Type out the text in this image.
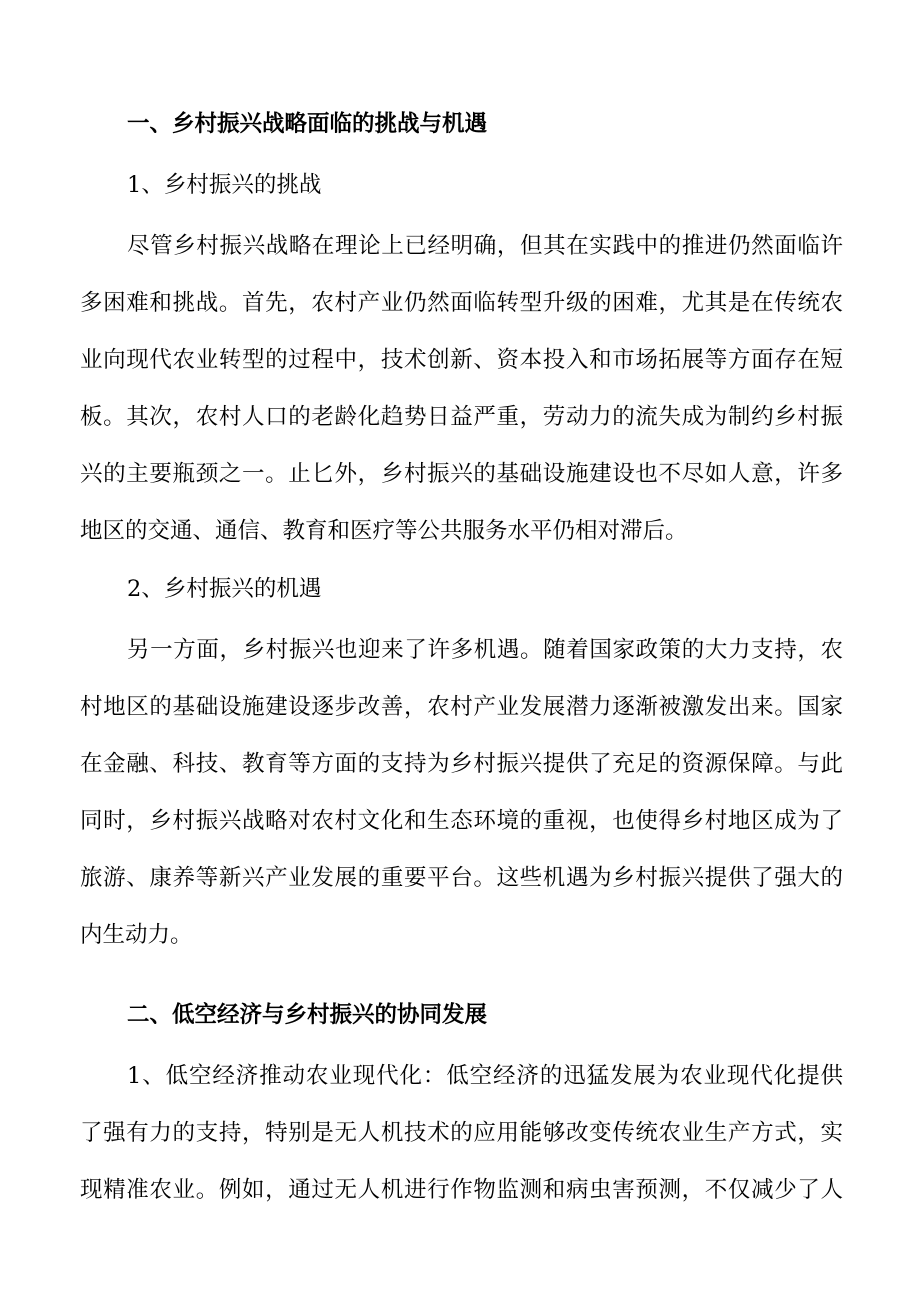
一、乡村振兴战略面临的挑战与机遇
1、乡村振兴的挑战
尽管乡村振兴战略在理论上已经明确，但其在实践中的推进仍然面临许
多困难和挑战。首先，农村产业仍然面临转型升级的困难，尤其是在传统农
业向现代农业转型的过程中，技术创新、资本投入和市场拓展等方面存在短
板。其次，农村人口的老龄化趋势日益严重，劳动力的流失成为制约乡村振
兴的主要瓶颈之一。止匕外，乡村振兴的基础设施建设也不尽如人意，许多
地区的交通、通信、教育和医疗等公共服务水平仍相对滞后。
2、乡村振兴的机遇
另一方面，乡村振兴也迎来了许多机遇。随着国家政策的大力支持，农
村地区的基础设施建设逐步改善，农村产业发展潜力逐渐被激发出来。国家
在金融、科技、教育等方面的支持为乡村振兴提供了充足的资源保障。与此
同时，乡村振兴战略对农村文化和生态环境的重视，也使得乡村地区成为了
旅游、康养等新兴产业发展的重要平台。这些机遇为乡村振兴提供了强大的
内生动力。
二、低空经济与乡村振兴的协同发展
1、低空经济推动农业现代化：低空经济的迅猛发展为农业现代化提供
了强有力的支持，特别是无人机技术的应用能够改变传统农业生产方式，实
现精准农业。例如，通过无人机进行作物监测和病虫害预测，不仅减少了人
